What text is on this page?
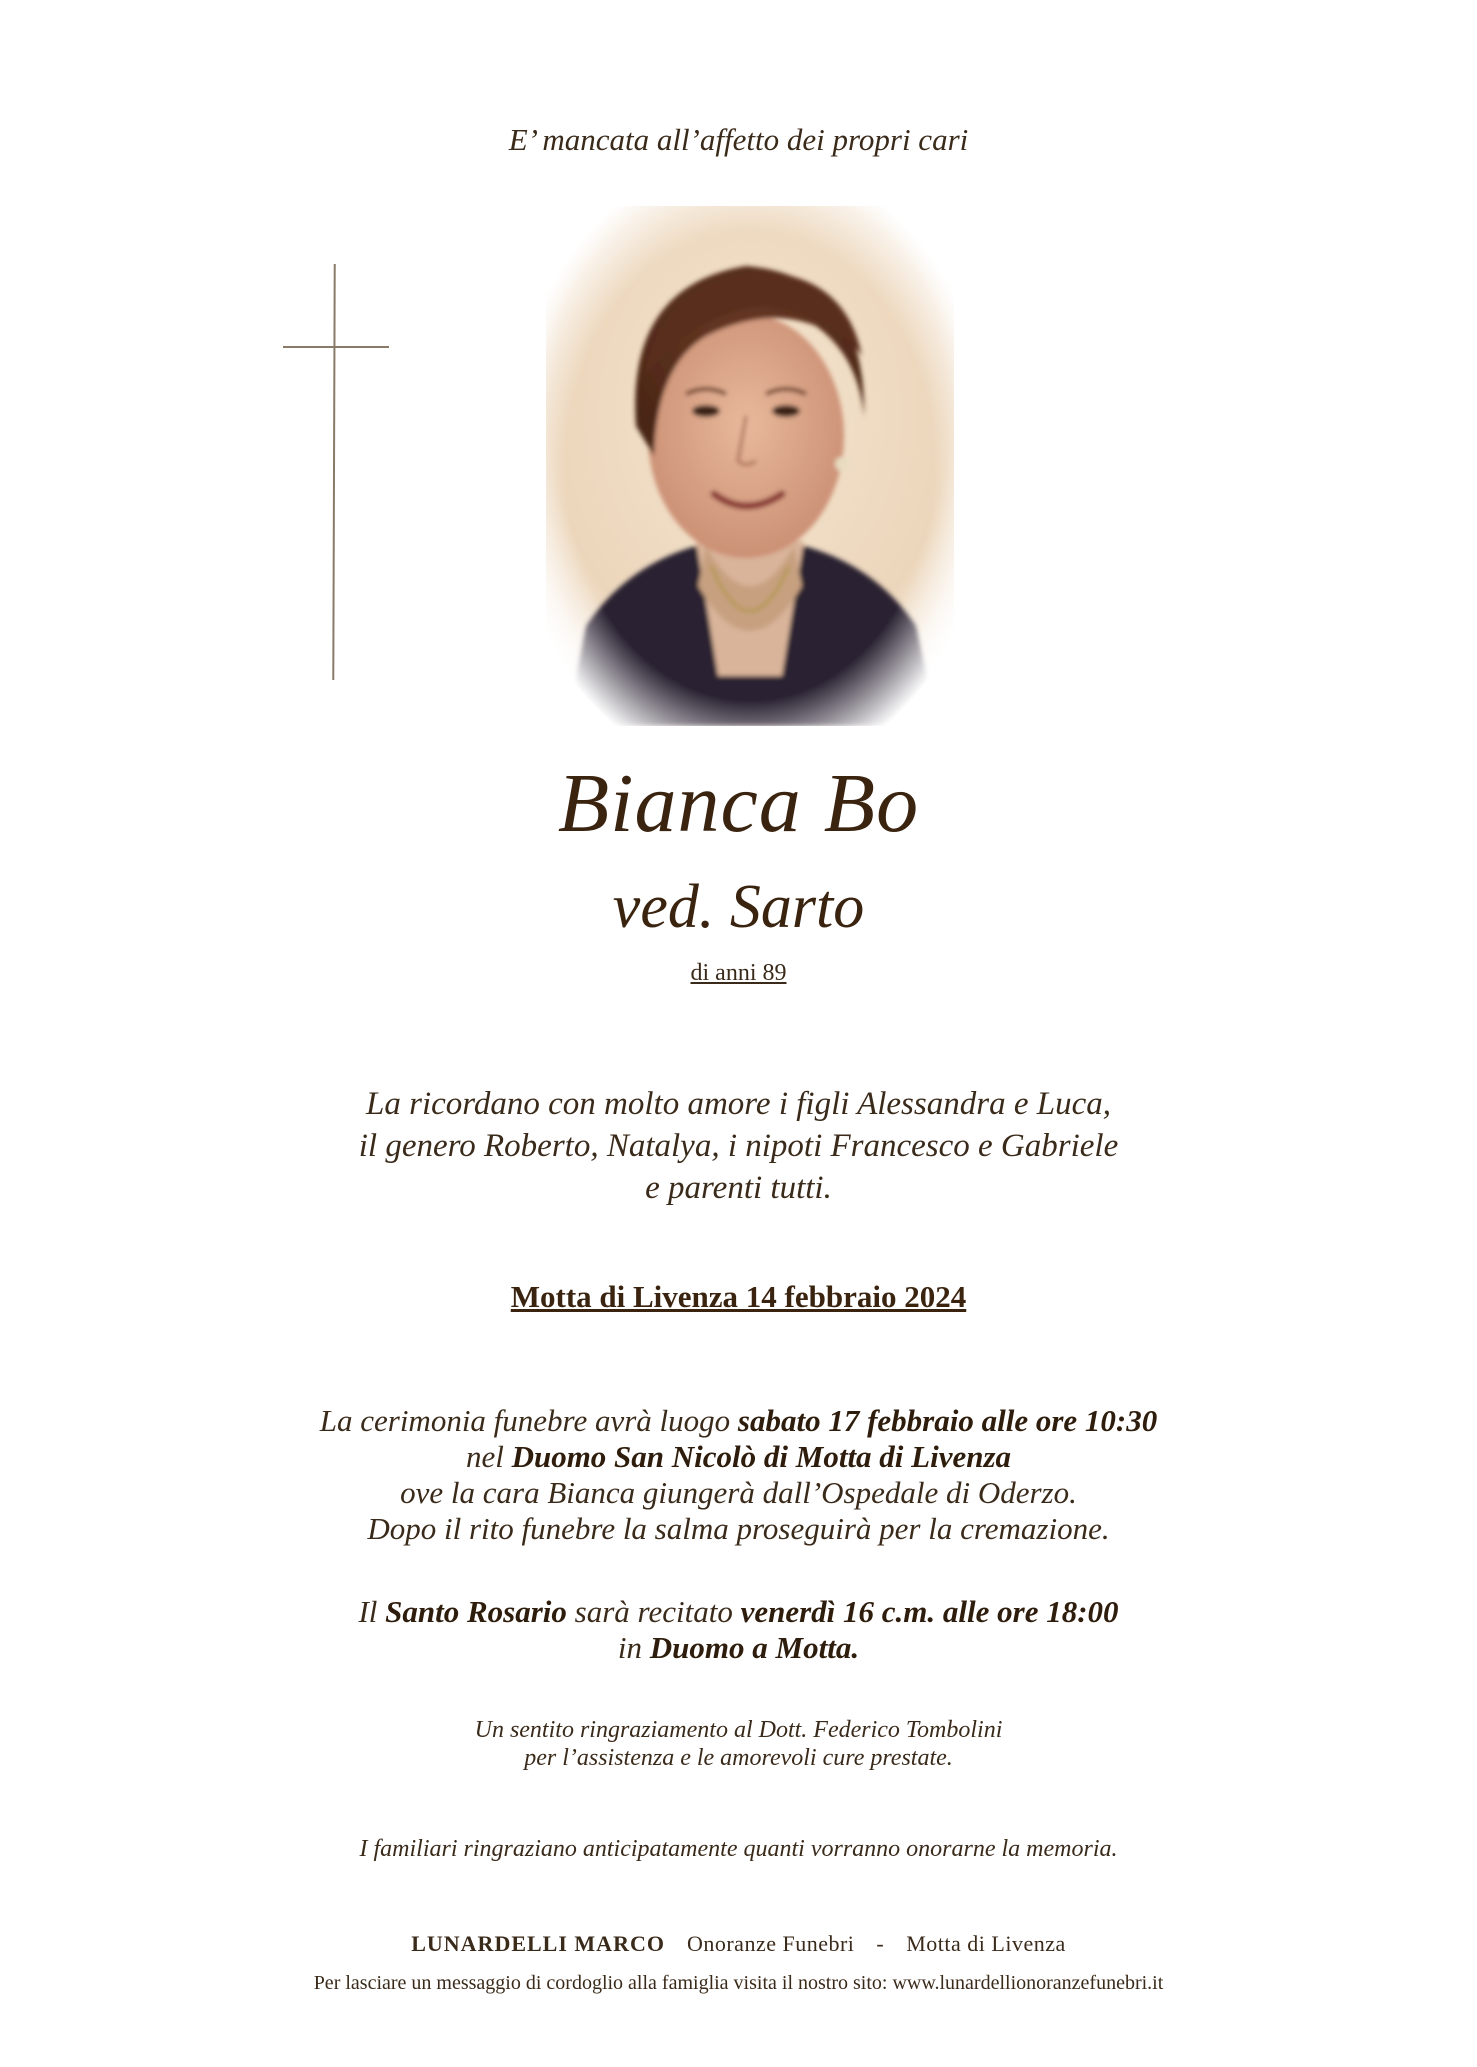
E’ mancata all’affetto dei propri cari
Bianca Bo
ved. Sarto
di anni 89
La ricordano con molto amore i figli Alessandra e Luca,
il genero Roberto, Natalya, i nipoti Francesco e Gabriele
e parenti tutti.
Motta di Livenza 14 febbraio 2024
La cerimonia funebre avrà luogo sabato 17 febbraio alle ore 10:30
nel Duomo San Nicolò di Motta di Livenza
ove la cara Bianca giungerà dall’Ospedale di Oderzo.
Dopo il rito funebre la salma proseguirà per la cremazione.
Il Santo Rosario sarà recitato venerdì 16 c.m. alle ore 18:00
in Duomo a Motta.
Un sentito ringraziamento al Dott. Federico Tombolini
per l’assistenza e le amorevoli cure prestate.
I familiari ringraziano anticipatamente quanti vorranno onorarne la memoria.
LUNARDELLI MARCO Onoranze Funebri - Motta di Livenza
Per lasciare un messaggio di cordoglio alla famiglia visita il nostro sito: www.lunardellionoranzefunebri.it
